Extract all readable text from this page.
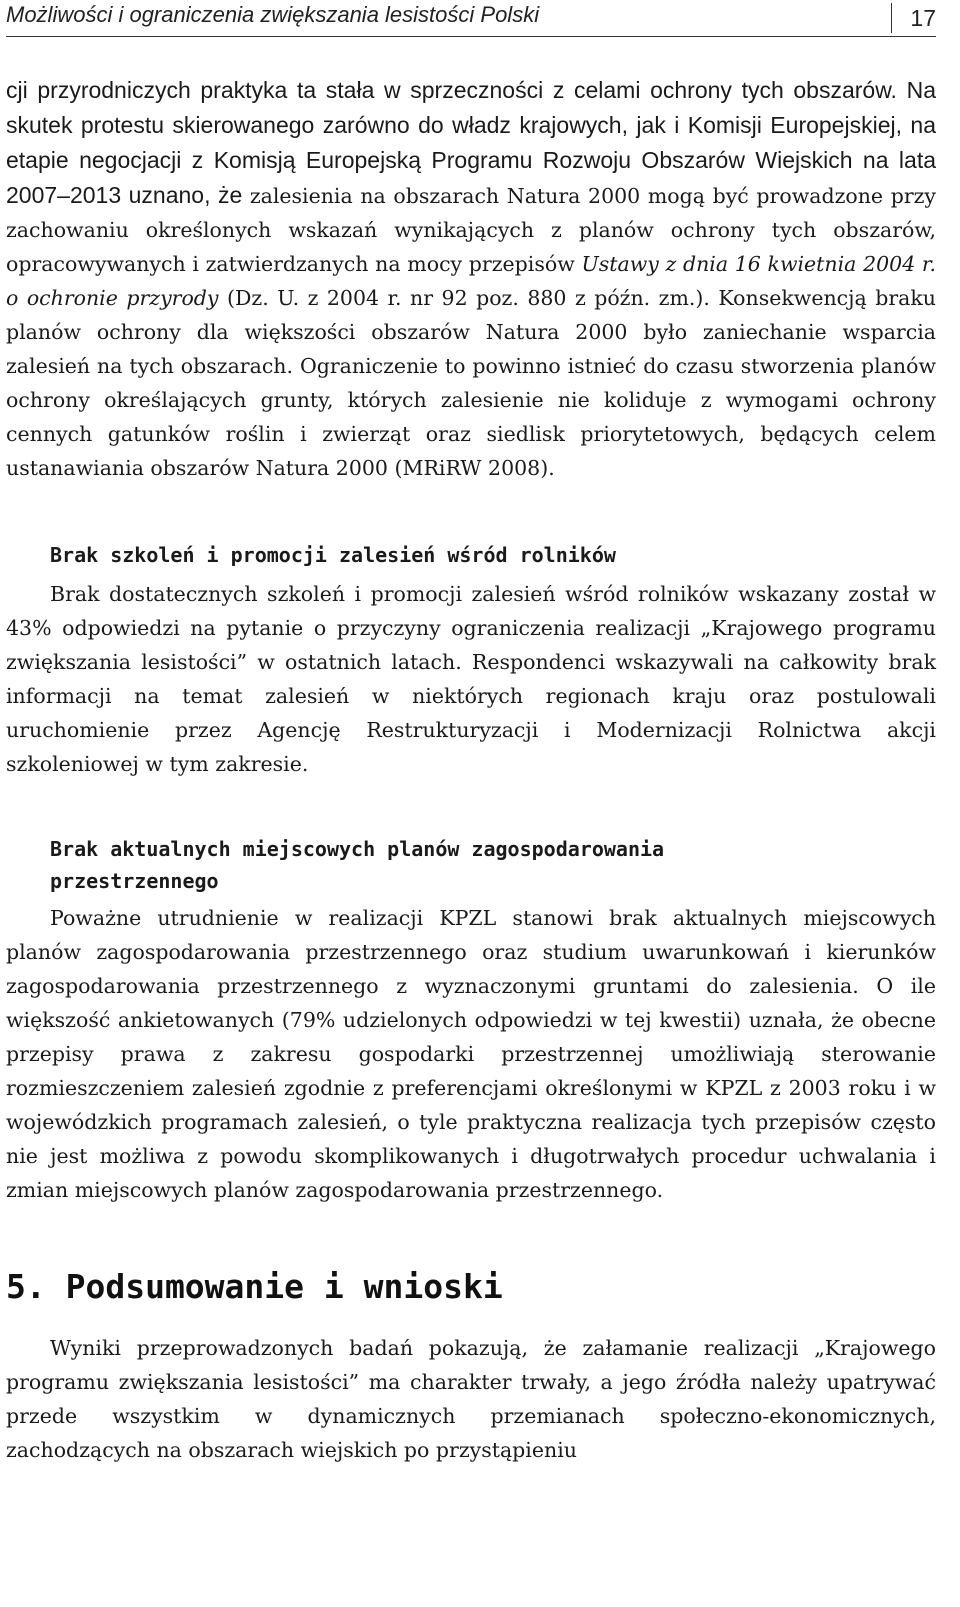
Możliwości i ograniczenia zwiększania lesistości Polski	17

cji przyrodniczych praktyka ta stała w sprzeczności z celami ochrony tych obszarów. Na skutek protestu skierowanego zarówno do władz krajowych, jak i Komisji Europejskiej, na etapie negocjacji z Komisją Europejską Programu Rozwoju Obszarów Wiejskich na lata 2007–2013 uznano, że zalesienia na obszarach Natura 2000 mogą być prowadzone przy zachowaniu określonych wskazań wynikających z planów ochrony tych obszarów, opracowywanych i zatwierdzanych na mocy przepisów Ustawy z dnia 16 kwietnia 2004 r. o ochronie przyrody (Dz. U. z 2004 r. nr 92 poz. 880 z późn. zm.). Konsekwencją braku planów ochrony dla większości obszarów Natura 2000 było zaniechanie wsparcia zalesień na tych obszarach. Ograniczenie to powinno istnieć do czasu stworzenia planów ochrony określających grunty, których zalesienie nie koliduje z wymogami ochrony cennych gatunków roślin i zwierząt oraz siedlisk priorytetowych, będących celem ustanawiania obszarów Natura 2000 (MRiRW 2008).

Brak szkoleń i promocji zalesień wśród rolników

Brak dostatecznych szkoleń i promocji zalesień wśród rolników wskazany został w 43% odpowiedzi na pytanie o przyczyny ograniczenia realizacji „Krajowego programu zwiększania lesistości” w ostatnich latach. Respondenci wskazywali na całkowity brak informacji na temat zalesień w niektórych regionach kraju oraz postulowali uruchomienie przez Agencję Restrukturyzacji i Modernizacji Rolnictwa akcji szkoleniowej w tym zakresie.

Brak aktualnych miejscowych planów zagospodarowania przestrzennego

Poważne utrudnienie w realizacji KPZL stanowi brak aktualnych miejscowych planów zagospodarowania przestrzennego oraz studium uwarunkowań i kierunków zagospodarowania przestrzennego z wyznaczonymi gruntami do zalesienia. O ile większość ankietowanych (79% udzielonych odpowiedzi w tej kwestii) uznała, że obecne przepisy prawa z zakresu gospodarki przestrzennej umożliwiają sterowanie rozmieszczeniem zalesień zgodnie z preferencjami określonymi w KPZL z 2003 roku i w wojewódzkich programach zalesień, o tyle praktyczna realizacja tych przepisów często nie jest możliwa z powodu skomplikowanych i długotrwałych procedur uchwalania i zmian miejscowych planów zagospodarowania przestrzennego.

5. Podsumowanie i wnioski

Wyniki przeprowadzonych badań pokazują, że załamanie realizacji „Krajowego programu zwiększania lesistości” ma charakter trwały, a jego źródła należy upatrywać przede wszystkim w dynamicznych przemianach społeczno-ekonomicznych, zachodzących na obszarach wiejskich po przystąpieniu
